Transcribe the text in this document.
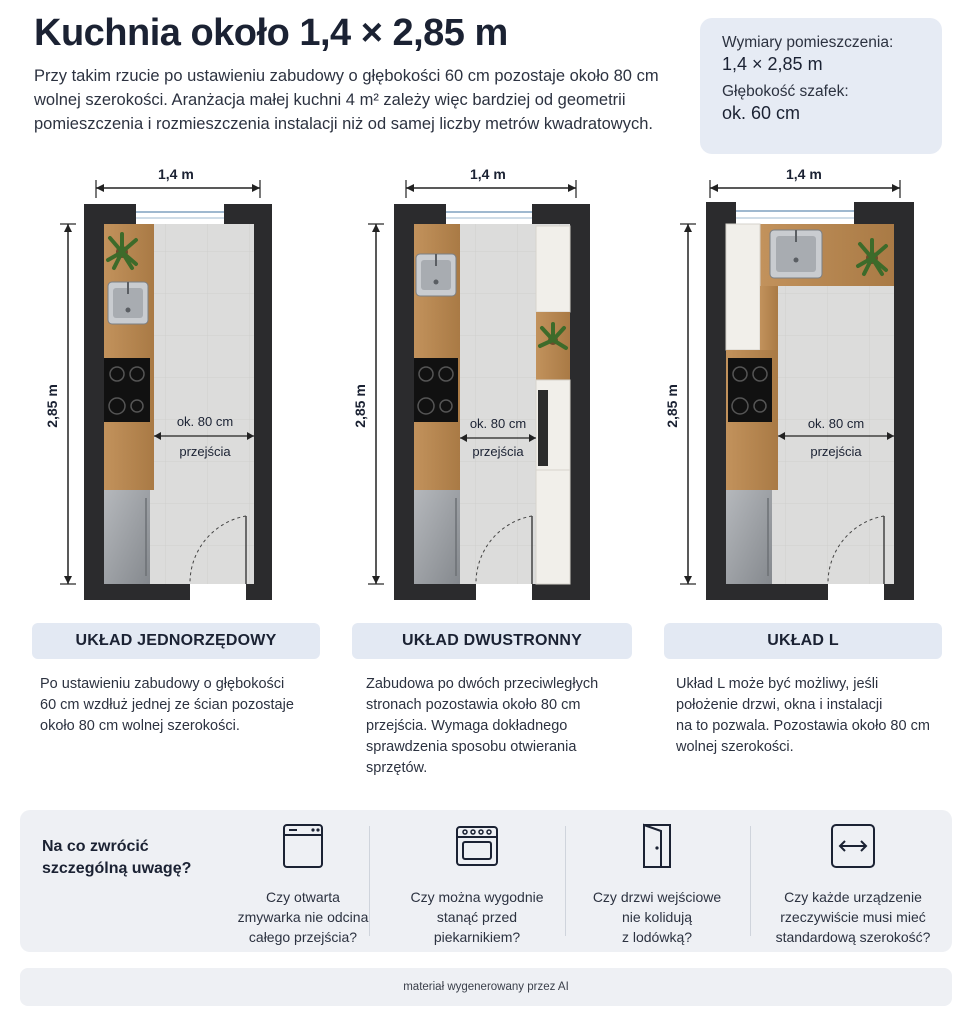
Kuchnia około 1,4 × 2,85 m
Przy takim rzucie po ustawieniu zabudowy o głębokości 60 cm pozostaje około 80 cm
wolnej szerokości. Aranżacja małej kuchni 4 m² zależy więc bardziej od geometrii
pomieszczenia i rozmieszczenia instalacji niż od samej liczby metrów kwadratowych.
Wymiary pomieszczenia:
1,4 × 2,85 m
Głębokość szafek:
ok. 60 cm
1,4 m
2,85 m	ok. 80 cm
przejścia
1,4 m
2,85 m	ok. 80 cm
przejścia
1,4 m
2,85 m	ok. 80 cm
przejścia
UKŁAD JEDNORZĘDOWY	UKŁAD DWUSTRONNY	UKŁAD L
Po ustawieniu zabudowy o głębokości
60 cm wzdłuż jednej ze ścian pozostaje
około 80 cm wolnej szerokości.
Zabudowa po dwóch przeciwległych
stronach pozostawia około 80 cm
przejścia. Wymaga dokładnego
sprawdzenia sposobu otwierania
sprzętów.
Układ L może być możliwy, jeśli
położenie drzwi, okna i instalacji
na to pozwala. Pozostawia około 80 cm
wolnej szerokości.
Na co zwrócić
szczególną uwagę?
Czy otwarta
zmywarka nie odcina
całego przejścia?
Czy można wygodnie
stanąć przed
piekarnikiem?
Czy drzwi wejściowe
nie kolidują
z lodówką?
Czy każde urządzenie
rzeczywiście musi mieć
standardową szerokość?
materiał wygenerowany przez AI
